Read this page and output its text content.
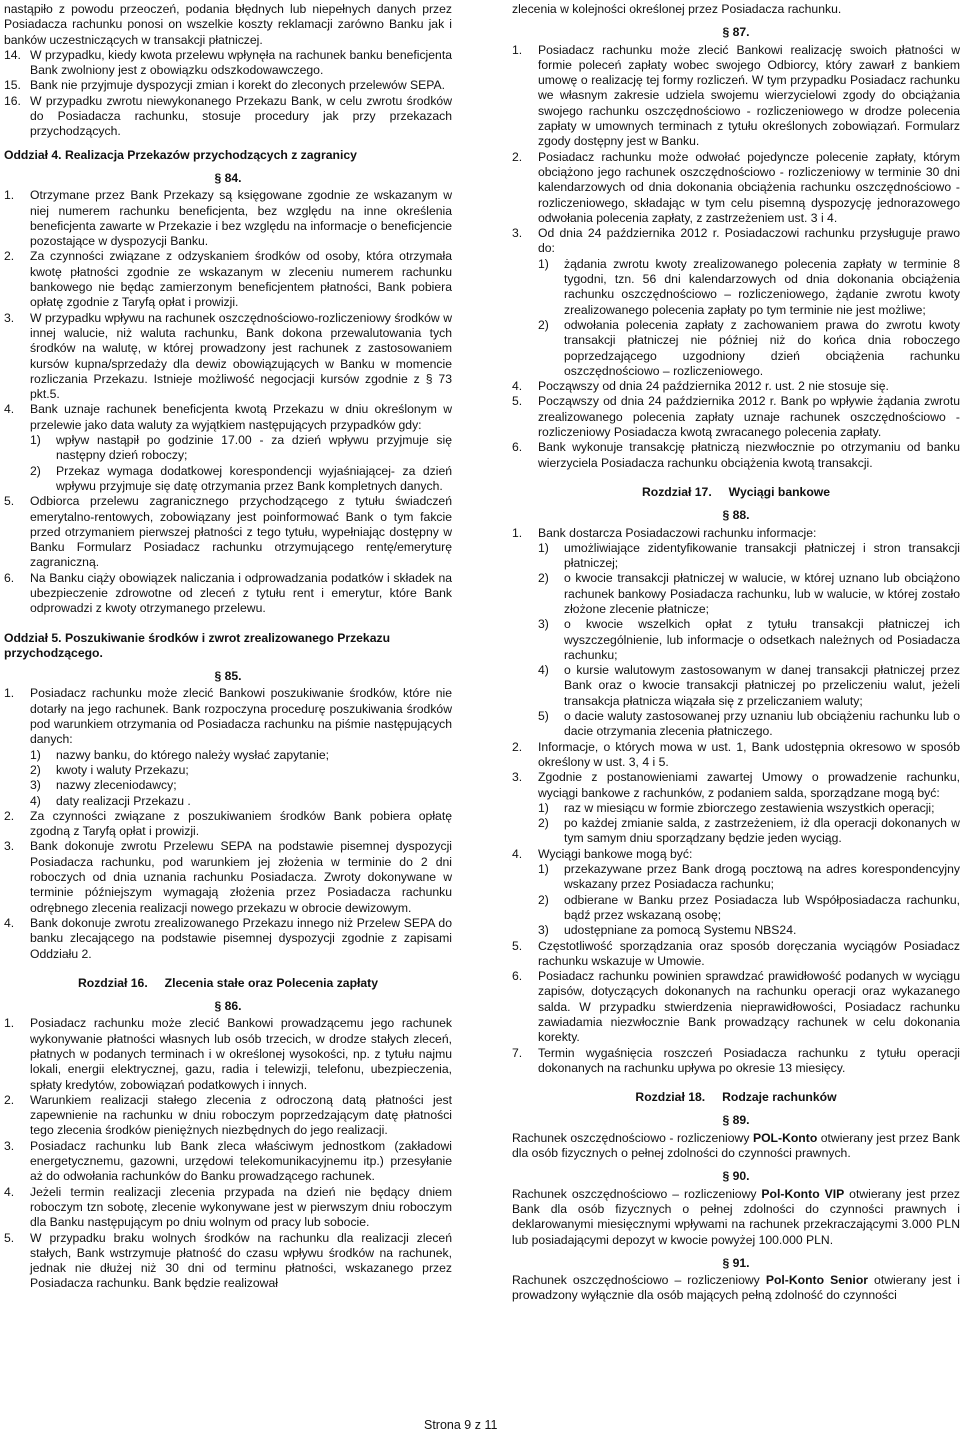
nastąpiło z powodu przeoczeń, podania błędnych lub niepełnych danych przez Posiadacza rachunku ponosi on wszelkie koszty reklamacji zarówno Banku jak i banków uczestniczących w transakcji płatniczej.

14. W przypadku, kiedy kwota przelewu wpłynęła na rachunek banku beneficjenta Bank zwolniony jest z obowiązku odszkodowawczego.
15. Bank nie przyjmuje dyspozycji zmian i korekt do zleconych przelewów SEPA.
16. W przypadku zwrotu niewykonanego Przekazu Bank, w celu zwrotu środków do Posiadacza rachunku, stosuje procedury jak przy przekazach przychodzących.
Oddział 4. Realizacja Przekazów przychodzących z zagranicy
§ 84.
1.	Otrzymane przez Bank Przekazy są księgowane zgodnie ze wskazanym w niej numerem rachunku beneficjenta, bez względu na inne określenia beneficjenta zawarte w Przekazie i bez względu na informacje o beneficjencie pozostające w dyspozycji Banku.
2.	Za czynności związane z odzyskaniem środków od osoby, która otrzymała kwotę płatności zgodnie ze wskazanym w zleceniu numerem rachunku bankowego nie będąc zamierzonym beneficjentem płatności, Bank pobiera opłatę zgodnie z Taryfą opłat i prowizji.
3.	W przypadku wpływu na rachunek oszczędnościowo-rozliczeniowy środków w innej walucie, niż waluta rachunku, Bank dokona przewalutowania tych środków na walutę, w której prowadzony jest rachunek z zastosowaniem kursów kupna/sprzedaży dla dewiz obowiązujących w Banku w momencie rozliczania Przekazu. Istnieje możliwość negocjacji kursów zgodnie z § 73 pkt.5.
4.	Bank uznaje rachunek beneficjenta kwotą Przekazu w dniu określonym w przelewie jako data waluty za wyjątkiem następujących przypadków gdy:
1)	wpływ nastąpił po godzinie 17.00 - za dzień wpływu przyjmuje się następny dzień roboczy;
2)	Przekaz wymaga dodatkowej korespondencji wyjaśniającej- za dzień wpływu przyjmuje się datę otrzymania przez Bank kompletnych danych.
5.	Odbiorca przelewu zagranicznego przychodzącego z tytułu świadczeń emerytalno-rentowych, zobowiązany jest poinformować Bank o tym fakcie przed otrzymaniem pierwszej płatności z tego tytułu, wypełniając dostępny w Banku Formularz Posiadacz rachunku otrzymującego rentę/emeryturę zagraniczną.
6.	Na Banku ciąży obowiązek naliczania i odprowadzania podatków i składek na ubezpieczenie zdrowotne od zleceń z tytułu rent i emerytur, które Bank odprowadzi z kwoty otrzymanego przelewu.
Oddział 5. Poszukiwanie środków i zwrot zrealizowanego Przekazu przychodzącego.
§ 85.
1.	Posiadacz rachunku może zlecić Bankowi poszukiwanie środków, które nie dotarły na jego rachunek. Bank rozpoczyna procedurę poszukiwania środków pod warunkiem otrzymania od Posiadacza rachunku na piśmie następujących danych:
1)	nazwy banku, do którego należy wysłać zapytanie;
2)	kwoty i waluty Przekazu;
3)	nazwy zleceniodawcy;
4)	daty realizacji Przekazu .
2.	Za czynności związane z poszukiwaniem środków Bank pobiera opłatę zgodną z Taryfą opłat i prowizji.
3.	Bank dokonuje zwrotu Przelewu SEPA na podstawie pisemnej dyspozycji Posiadacza rachunku, pod warunkiem jej złożenia w terminie do 2 dni roboczych od dnia uznania rachunku Posiadacza. Zwroty dokonywane w terminie późniejszym wymagają złożenia przez Posiadacza rachunku odrębnego zlecenia realizacji nowego przekazu w obrocie dewizowym.
4.	Bank dokonuje zwrotu zrealizowanego Przekazu innego niż Przelew SEPA do banku zlecającego na podstawie pisemnej dyspozycji zgodnie z zapisami Oddziału 2.
Rozdział 16.     Zlecenia stałe oraz Polecenia zapłaty
§ 86.
1.	Posiadacz rachunku może zlecić Bankowi prowadzącemu jego rachunek wykonywanie płatności własnych lub osób trzecich, w drodze stałych zleceń, płatnych w podanych terminach i w określonej wysokości, np. z tytułu najmu lokali, energii elektrycznej, gazu, radia i telewizji, telefonu, ubezpieczenia, spłaty kredytów, zobowiązań podatkowych i innych.
2.	Warunkiem realizacji stałego zlecenia z odroczoną datą płatności jest zapewnienie na rachunku w dniu roboczym poprzedzającym datę płatności tego zlecenia środków pieniężnych niezbędnych do jego realizacji.
3.	Posiadacz rachunku lub Bank zleca właściwym jednostkom (zakładowi energetycznemu, gazowni, urzędowi telekomunikacyjnemu itp.) przesyłanie aż do odwołania rachunków do Banku prowadzącego rachunek.
4.	Jeżeli termin realizacji zlecenia przypada na dzień nie będący dniem roboczym tzn sobotę, zlecenie wykonywane jest w pierwszym dniu roboczym dla Banku następującym po dniu wolnym od pracy lub sobocie.
5.	W przypadku braku wolnych środków na rachunku dla realizacji zleceń stałych, Bank wstrzymuje płatność do czasu wpływu środków na rachunek, jednak nie dłużej niż 30 dni od terminu płatności, wskazanego przez Posiadacza rachunku. Bank będzie realizował

zlecenia w kolejności określonej przez Posiadacza rachunku.

§ 87.
1.	Posiadacz rachunku może zlecić Bankowi realizację swoich płatności w formie poleceń zapłaty wobec swojego Odbiorcy, który zawarł z bankiem umowę o realizację tej formy rozliczeń. W tym przypadku Posiadacz rachunku we własnym zakresie udziela swojemu wierzycielowi zgody do obciążania swojego rachunku oszczędnościowo - rozliczeniowego w drodze polecenia zapłaty w umownych terminach z tytułu określonych zobowiązań. Formularz zgody dostępny jest w Banku.
2.	Posiadacz rachunku może odwołać pojedyncze polecenie zapłaty, którym obciążono jego rachunek oszczędnościowo - rozliczeniowy w terminie 30 dni kalendarzowych od dnia dokonania obciążenia rachunku oszczędnościowo - rozliczeniowego, składając w tym celu pisemną dyspozycję jednorazowego odwołania polecenia zapłaty, z zastrzeżeniem ust. 3 i 4.
3.	Od dnia 24 października 2012 r. Posiadaczowi rachunku przysługuje prawo do:
1)	żądania zwrotu kwoty zrealizowanego polecenia zapłaty w terminie 8 tygodni, tzn. 56 dni kalendarzowych od dnia dokonania obciążenia rachunku oszczędnościowo – rozliczeniowego, żądanie zwrotu kwoty zrealizowanego polecenia zapłaty po tym terminie nie jest możliwe;
2)	odwołania polecenia zapłaty z zachowaniem prawa do zwrotu kwoty transakcji płatniczej nie później niż do końca dnia roboczego poprzedzającego uzgodniony dzień obciążenia rachunku oszczędnościowo – rozliczeniowego.
4.	Począwszy od dnia 24 października 2012 r. ust. 2 nie stosuje się.
5.	Począwszy od dnia 24 października 2012 r. Bank po wpływie żądania zwrotu zrealizowanego polecenia zapłaty uznaje rachunek oszczędnościowo - rozliczeniowy Posiadacza kwotą zwracanego polecenia zapłaty.
6.	Bank wykonuje transakcję płatniczą niezwłocznie po otrzymaniu od banku wierzyciela Posiadacza rachunku obciążenia kwotą transakcji.
Rozdział 17.     Wyciągi bankowe
§ 88.
1.	Bank dostarcza Posiadaczowi rachunku informacje:
1)	umożliwiające zidentyfikowanie transakcji płatniczej i stron transakcji płatniczej;
2)	o kwocie transakcji płatniczej w walucie, w której uznano lub obciążono rachunek bankowy Posiadacza rachunku, lub w walucie, w której zostało złożone zlecenie płatnicze;
3)	o kwocie wszelkich opłat z tytułu transakcji płatniczej ich wyszczególnienie, lub informacje o odsetkach należnych od Posiadacza rachunku;
4)	o kursie walutowym zastosowanym w danej transakcji płatniczej przez Bank oraz o kwocie transakcji płatniczej po przeliczeniu walut, jeżeli transakcja płatnicza wiązała się z przeliczaniem waluty;
5)	o dacie waluty zastosowanej przy uznaniu lub obciążeniu rachunku lub o dacie otrzymania zlecenia płatniczego.
2.	Informacje, o których mowa w ust. 1, Bank udostępnia okresowo w sposób określony w ust. 3, 4 i 5.
3.	Zgodnie z postanowieniami zawartej Umowy o prowadzenie rachunku, wyciągi bankowe z rachunków, z podaniem salda, sporządzane mogą być:
1)	raz w miesiącu w formie zbiorczego zestawienia wszystkich operacji;
2)	po każdej zmianie salda, z zastrzeżeniem, iż dla operacji dokonanych w tym samym dniu sporządzany będzie jeden wyciąg.
4.	Wyciągi bankowe mogą być:
1)	przekazywane przez Bank drogą pocztową na adres korespondencyjny wskazany przez Posiadacza rachunku;
2)	odbierane w Banku przez Posiadacza lub Współposiadacza rachunku, bądź przez wskazaną osobę;
3)	udostępniane za pomocą Systemu NBS24.
5.	Częstotliwość sporządzania oraz sposób doręczania wyciągów Posiadacz rachunku wskazuje w Umowie.
6.	Posiadacz rachunku powinien sprawdzać prawidłowość podanych w wyciągu zapisów, dotyczących dokonanych na rachunku operacji oraz wykazanego salda. W przypadku stwierdzenia nieprawidłowości, Posiadacz rachunku zawiadamia niezwłocznie Bank prowadzący rachunek w celu dokonania korekty.
7.	Termin wygaśnięcia roszczeń Posiadacza rachunku z tytułu operacji dokonanych na rachunku upływa po okresie 13 miesięcy.
Rozdział 18.     Rodzaje rachunków
§ 89.

Rachunek oszczędnościowo - rozliczeniowy POL-Konto otwierany jest przez Bank dla osób fizycznych o pełnej zdolności do czynności prawnych.

§ 90.

Rachunek oszczędnościowo – rozliczeniowy Pol-Konto VIP otwierany jest przez Bank dla osób fizycznych o pełnej zdolności do czynności prawnych i deklarowanymi miesięcznymi wpływami na rachunek przekraczającymi 3.000 PLN lub posiadającymi depozyt w kwocie powyżej 100.000 PLN.

§ 91.

Rachunek oszczędnościowo – rozliczeniowy Pol-Konto Senior otwierany jest i prowadzony wyłącznie dla osób mających pełną zdolność do czynności

Strona 9 z 11
